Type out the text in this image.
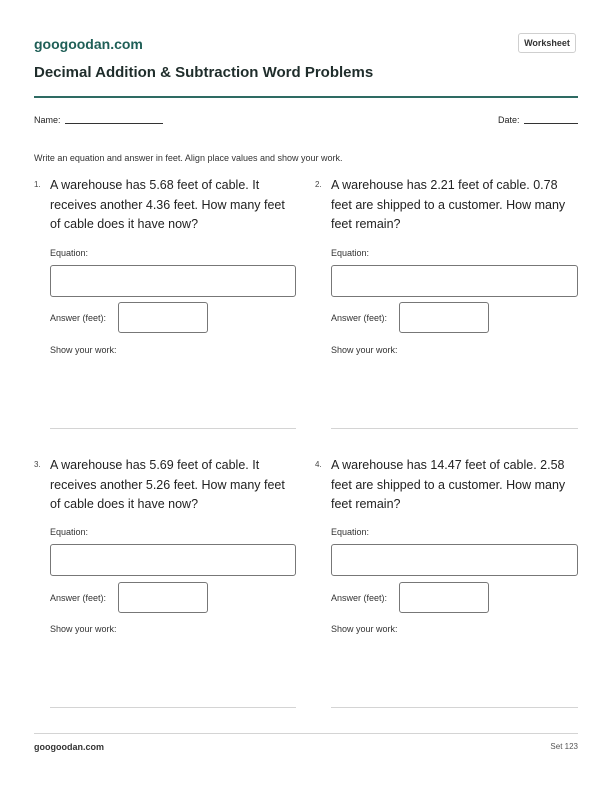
googoodan.com	Worksheet
Decimal Addition & Subtraction Word Problems
Name:	Date:
Write an equation and answer in feet. Align place values and show your work.
1. A warehouse has 5.68 feet of cable. It
receives another 4.36 feet. How many feet
of cable does it have now?
Equation:
Answer (feet):
Show your work:
2. A warehouse has 2.21 feet of cable. 0.78
feet are shipped to a customer. How many
feet remain?
Equation:
Answer (feet):
Show your work:
3. A warehouse has 5.69 feet of cable. It
receives another 5.26 feet. How many feet
of cable does it have now?
Equation:
Answer (feet):
Show your work:
4. A warehouse has 14.47 feet of cable. 2.58
feet are shipped to a customer. How many
feet remain?
Equation:
Answer (feet):
Show your work:
googoodan.com	Set 123
